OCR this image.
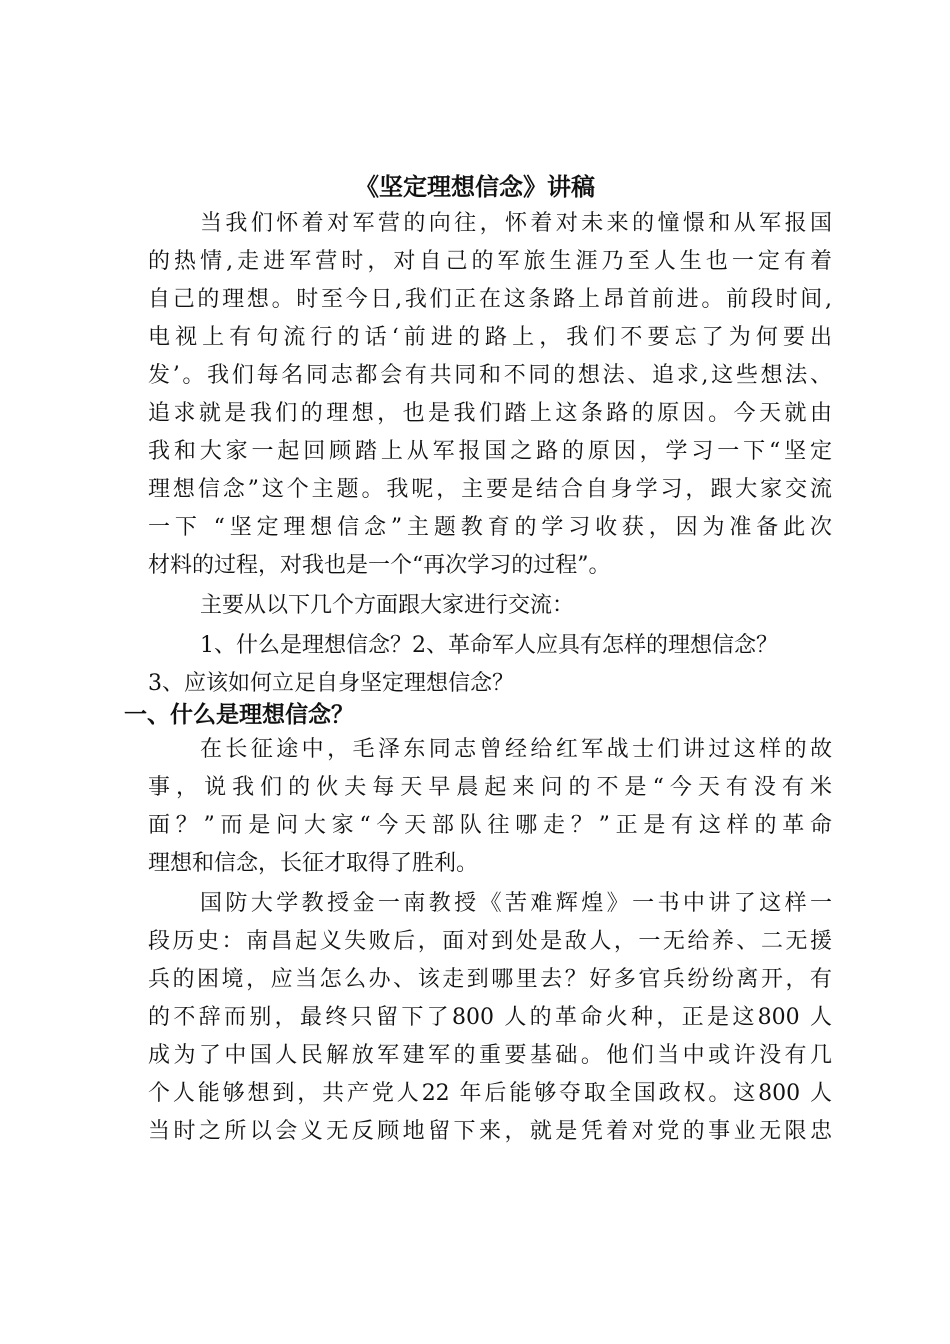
《坚定理想信念》讲稿

当我们怀着对军营的向往，怀着对未来的憧憬和从军报国

的热情,走进军营时，对自己的军旅生涯乃至人生也一定有着

自己的理想。时至今日,我们正在这条路上昂首前进。前段时间,

电视上有句流行的话‘前进的路上，我们不要忘了为何要出

发’。我们每名同志都会有共同和不同的想法、追求,这些想法、

追求就是我们的理想，也是我们踏上这条路的原因。今天就由

我和大家一起回顾踏上从军报国之路的原因，学习一下“坚定

理想信念”这个主题。我呢，主要是结合自身学习，跟大家交流

一下 “坚定理想信念”主题教育的学习收获，因为准备此次

材料的过程，对我也是一个“再次学习的过程”。

主要从以下几个方面跟大家进行交流：

1、什么是理想信念？2、革命军人应具有怎样的理想信念？

3、应该如何立足自身坚定理想信念？

一、什么是理想信念？

在长征途中，毛泽东同志曾经给红军战士们讲过这样的故

事，说我们的伙夫每天早晨起来问的不是“今天有没有米

面？”而是问大家“今天部队往哪走？”正是有这样的革命

理想和信念，长征才取得了胜利。

国防大学教授金一南教授《苦难辉煌》一书中讲了这样一

段历史：南昌起义失败后，面对到处是敌人，一无给养、二无援

兵的困境，应当怎么办、该走到哪里去？好多官兵纷纷离开，有

的不辞而别，最终只留下了800 人的革命火种，正是这800 人

成为了中国人民解放军建军的重要基础。他们当中或许没有几

个人能够想到，共产党人22 年后能够夺取全国政权。这800 人

当时之所以会义无反顾地留下来，就是凭着对党的事业无限忠
